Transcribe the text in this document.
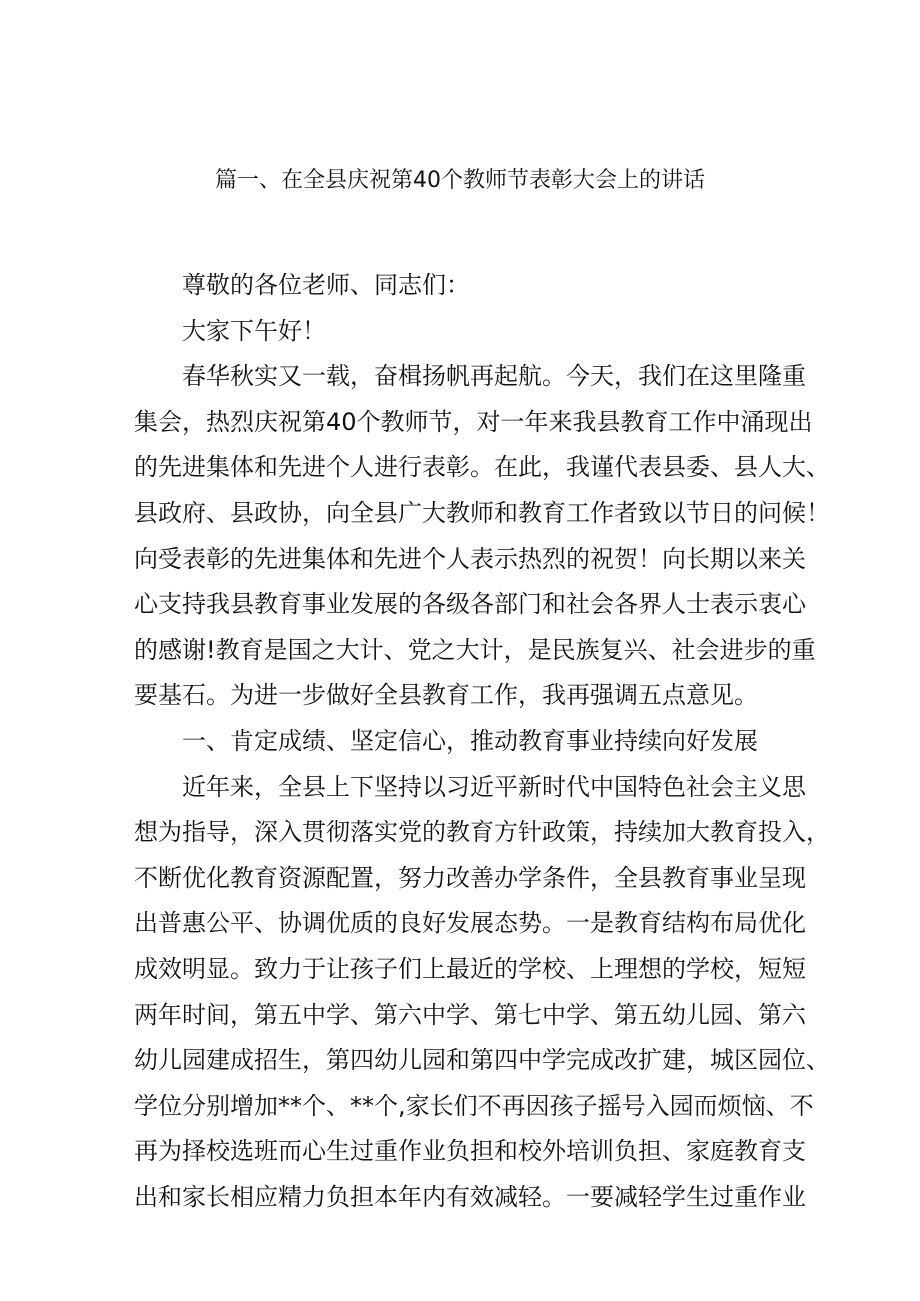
篇一、在全县庆祝第40个教师节表彰大会上的讲话
尊敬的各位老师、同志们：
大家下午好！
春华秋实又一载，奋楫扬帆再起航。今天，我们在这里隆重
集会，热烈庆祝第40个教师节，对一年来我县教育工作中涌现出
的先进集体和先进个人进行表彰。在此，我谨代表县委、县人大、
县政府、县政协，向全县广大教师和教育工作者致以节日的问候！
向受表彰的先进集体和先进个人表示热烈的祝贺！向长期以来关
心支持我县教育事业发展的各级各部门和社会各界人士表示衷心
的感谢!教育是国之大计、党之大计，是民族复兴、社会进步的重
要基石。为进一步做好全县教育工作，我再强调五点意见。
一、肯定成绩、坚定信心，推动教育事业持续向好发展
近年来，全县上下坚持以习近平新时代中国特色社会主义思
想为指导，深入贯彻落实党的教育方针政策，持续加大教育投入，
不断优化教育资源配置，努力改善办学条件，全县教育事业呈现
出普惠公平、协调优质的良好发展态势。一是教育结构布局优化
成效明显。致力于让孩子们上最近的学校、上理想的学校，短短
两年时间，第五中学、第六中学、第七中学、第五幼儿园、第六
幼儿园建成招生，第四幼儿园和第四中学完成改扩建，城区园位、
学位分别增加**个、**个,家长们不再因孩子摇号入园而烦恼、不
再为择校选班而心生过重作业负担和校外培训负担、家庭教育支
出和家长相应精力负担本年内有效减轻。一要减轻学生过重作业
